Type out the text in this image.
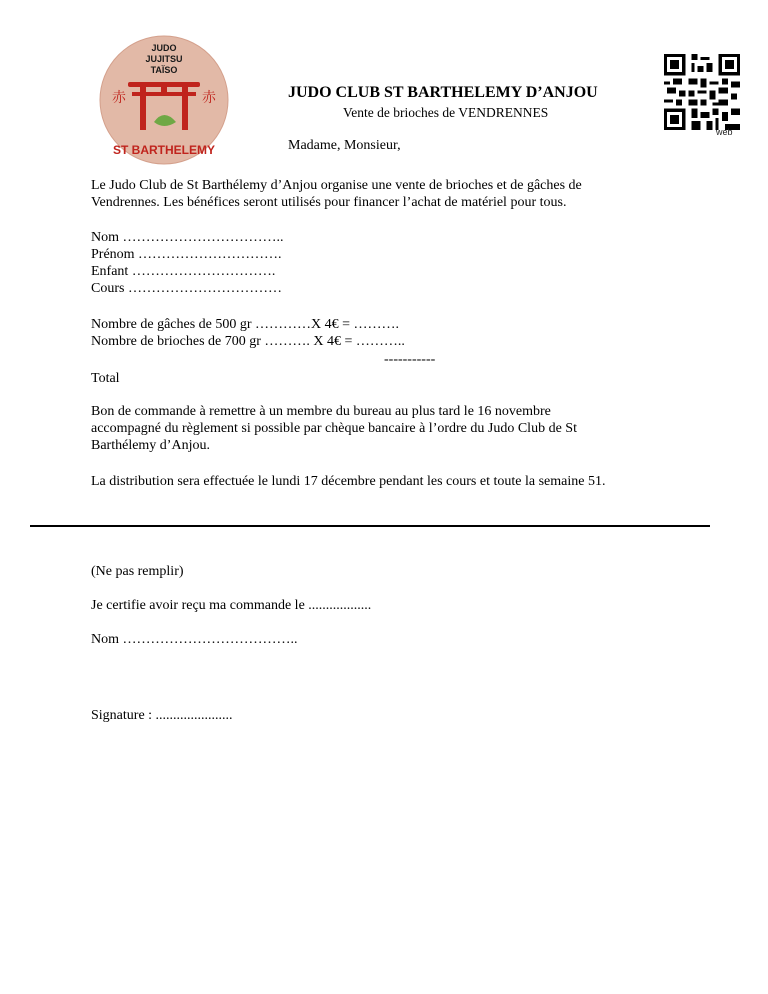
JUDO
JUJITSU
TAÏSO
ST BARTHELEMY
赤	赤	JUDO CLUB ST BARTHELEMY D’ANJOU
Vente de brioches de VENDRENNES
web
Madame, Monsieur,
Le Judo Club de St Barthélemy d’Anjou organise une vente de brioches et de gâches de
Vendrennes. Les bénéfices seront utilisés pour financer l’achat de matériel pour tous.
Nom ……………………………..
Prénom ………………………….
Enfant ………………………….
Cours ……………………………
Nombre de gâches de 500 gr …………X 4€ = ……….
Nombre de brioches de 700 gr ………. X 4€ = ………..
-----------
Total
Bon de commande à remettre à un membre du bureau au plus tard le 16 novembre
accompagné du règlement si possible par chèque bancaire à l’ordre du Judo Club de St
Barthélemy d’Anjou.
La distribution sera effectuée le lundi 17 décembre pendant les cours et toute la semaine 51.
(Ne pas remplir)
Je certifie avoir reçu ma commande le ..................
Nom ………………………………..
Signature : ......................
